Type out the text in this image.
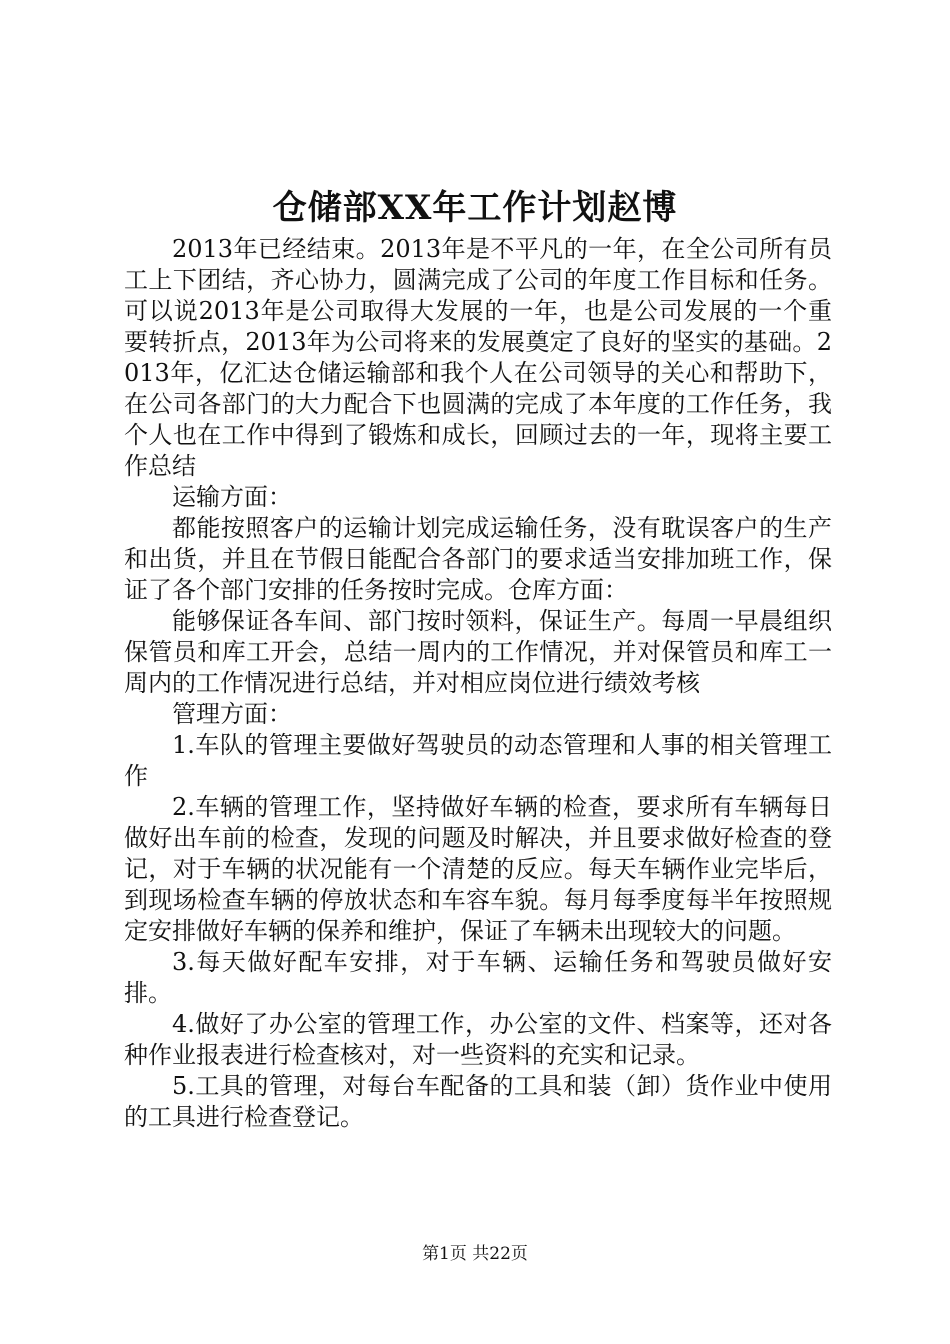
仓储部XX年工作计划赵博

2013年已经结束。2013年是不平凡的一年，在全公司所有员工上下团结，齐心协力，圆满完成了公司的年度工作目标和任务。可以说2013年是公司取得大发展的一年，也是公司发展的一个重要转折点，2013年为公司将来的发展奠定了良好的坚实的基础。2013年，亿汇达仓储运输部和我个人在公司领导的关心和帮助下，在公司各部门的大力配合下也圆满的完成了本年度的工作任务，我个人也在工作中得到了锻炼和成长，回顾过去的一年，现将主要工作总结

运输方面：

都能按照客户的运输计划完成运输任务，没有耽误客户的生产和出货，并且在节假日能配合各部门的要求适当安排加班工作，保证了各个部门安排的任务按时完成。仓库方面：

能够保证各车间、部门按时领料，保证生产。每周一早晨组织保管员和库工开会，总结一周内的工作情况，并对保管员和库工一周内的工作情况进行总结，并对相应岗位进行绩效考核

管理方面：

1.车队的管理主要做好驾驶员的动态管理和人事的相关管理工作

2.车辆的管理工作，坚持做好车辆的检查，要求所有车辆每日做好出车前的检查，发现的问题及时解决，并且要求做好检查的登记，对于车辆的状况能有一个清楚的反应。每天车辆作业完毕后，到现场检查车辆的停放状态和车容车貌。每月每季度每半年按照规定安排做好车辆的保养和维护，保证了车辆未出现较大的问题。

3.每天做好配车安排，对于车辆、运输任务和驾驶员做好安排。

4.做好了办公室的管理工作，办公室的文件、档案等，还对各种作业报表进行检查核对，对一些资料的充实和记录。

5.工具的管理，对每台车配备的工具和装（卸）货作业中使用的工具进行检查登记。

第1页 共22页
